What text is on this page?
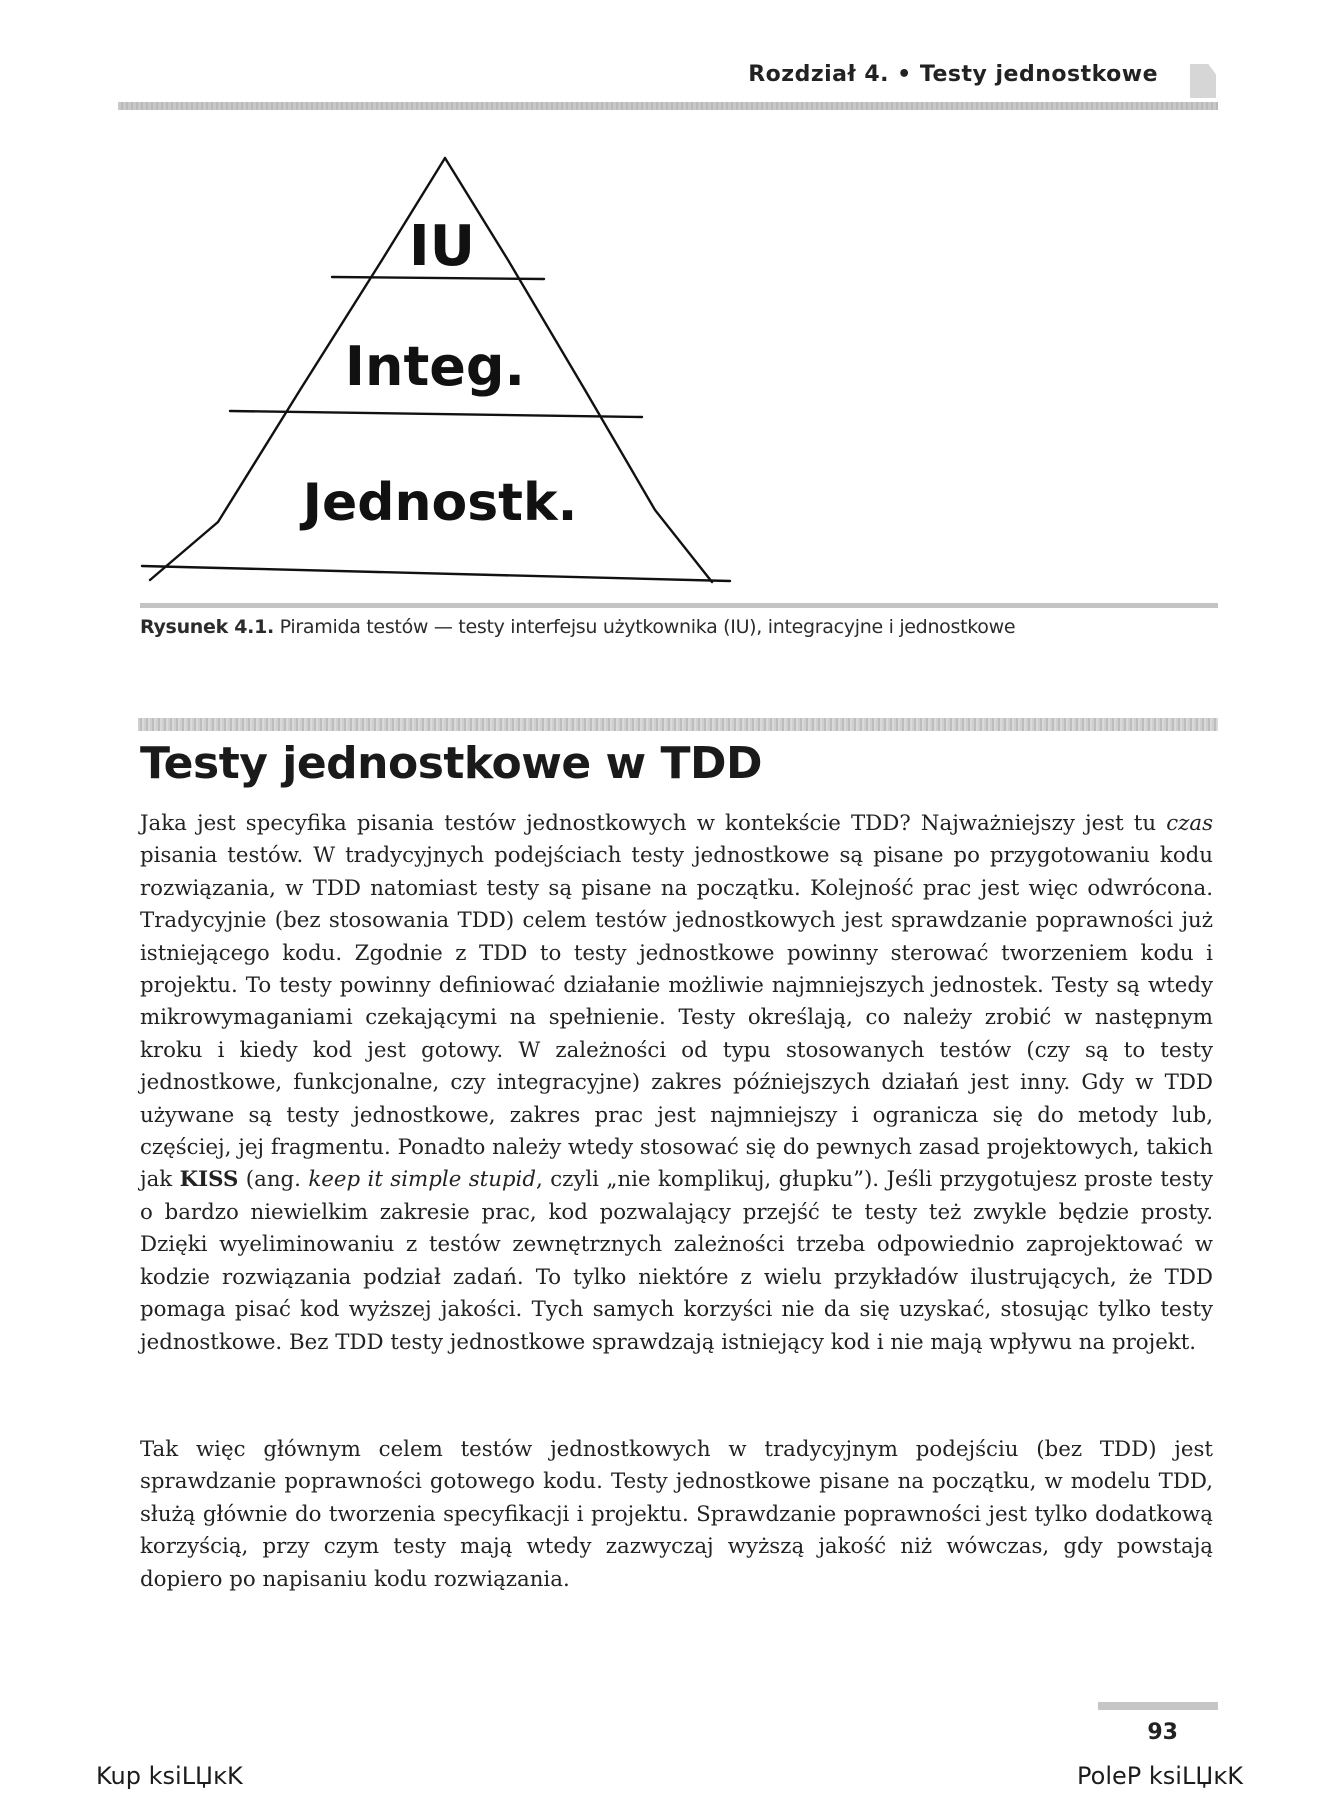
Rozdział 4. • Testy jednostkowe
IU
Integ.
Jednostk.
Rysunek 4.1. Piramida testów — testy interfejsu użytkownika (IU), integracyjne i jednostkowe
Testy jednostkowe w TDD
Jaka jest specyfika pisania testów jednostkowych w kontekście TDD? Najważniejszy jest tu czas pisania testów. W tradycyjnych podejściach testy jednostkowe są pisane po przygotowaniu kodu rozwiązania, w TDD natomiast testy są pisane na początku. Kolejność prac jest więc odwrócona. Tradycyjnie (bez stosowania TDD) celem testów jednostkowych jest sprawdzanie poprawności już istniejącego kodu. Zgodnie z TDD to testy jednostkowe powinny sterować tworzeniem kodu i projektu. To testy powinny definiować działanie możliwie najmniejszych jednostek. Testy są wtedy mikrowymaganiami czekającymi na spełnienie. Testy określają, co należy zrobić w następnym kroku i kiedy kod jest gotowy. W zależności od typu stosowanych testów (czy są to testy jednostkowe, funkcjonalne, czy integracyjne) zakres późniejszych działań jest inny. Gdy w TDD używane są testy jednostkowe, zakres prac jest najmniejszy i ogranicza się do metody lub, częściej, jej fragmentu. Ponadto należy wtedy stosować się do pewnych zasad projektowych, takich jak KISS (ang. keep it simple stupid, czyli „nie komplikuj, głupku”). Jeśli przygotujesz proste testy o bardzo niewielkim zakresie prac, kod pozwalający przejść te testy też zwykle będzie prosty. Dzięki wyeliminowaniu z testów zewnętrznych zależności trzeba odpowiednio zaprojektować w kodzie rozwiązania podział zadań. To tylko niektóre z wielu przykładów ilustrujących, że TDD pomaga pisać kod wyższej jakości. Tych samych korzyści nie da się uzyskać, stosując tylko testy jednostkowe. Bez TDD testy jednostkowe sprawdzają istniejący kod i nie mają wpływu na projekt.
Tak więc głównym celem testów jednostkowych w tradycyjnym podejściu (bez TDD) jest sprawdzanie poprawności gotowego kodu. Testy jednostkowe pisane na początku, w modelu TDD, służą głównie do tworzenia specyfikacji i projektu. Sprawdzanie poprawności jest tylko dodatkową korzyścią, przy czym testy mają wtedy zazwyczaj wyższą jakość niż wówczas, gdy powstają dopiero po napisaniu kodu rozwiązania.
93
Kup ksiLЏĸK	PoleP ksiLЏĸK
